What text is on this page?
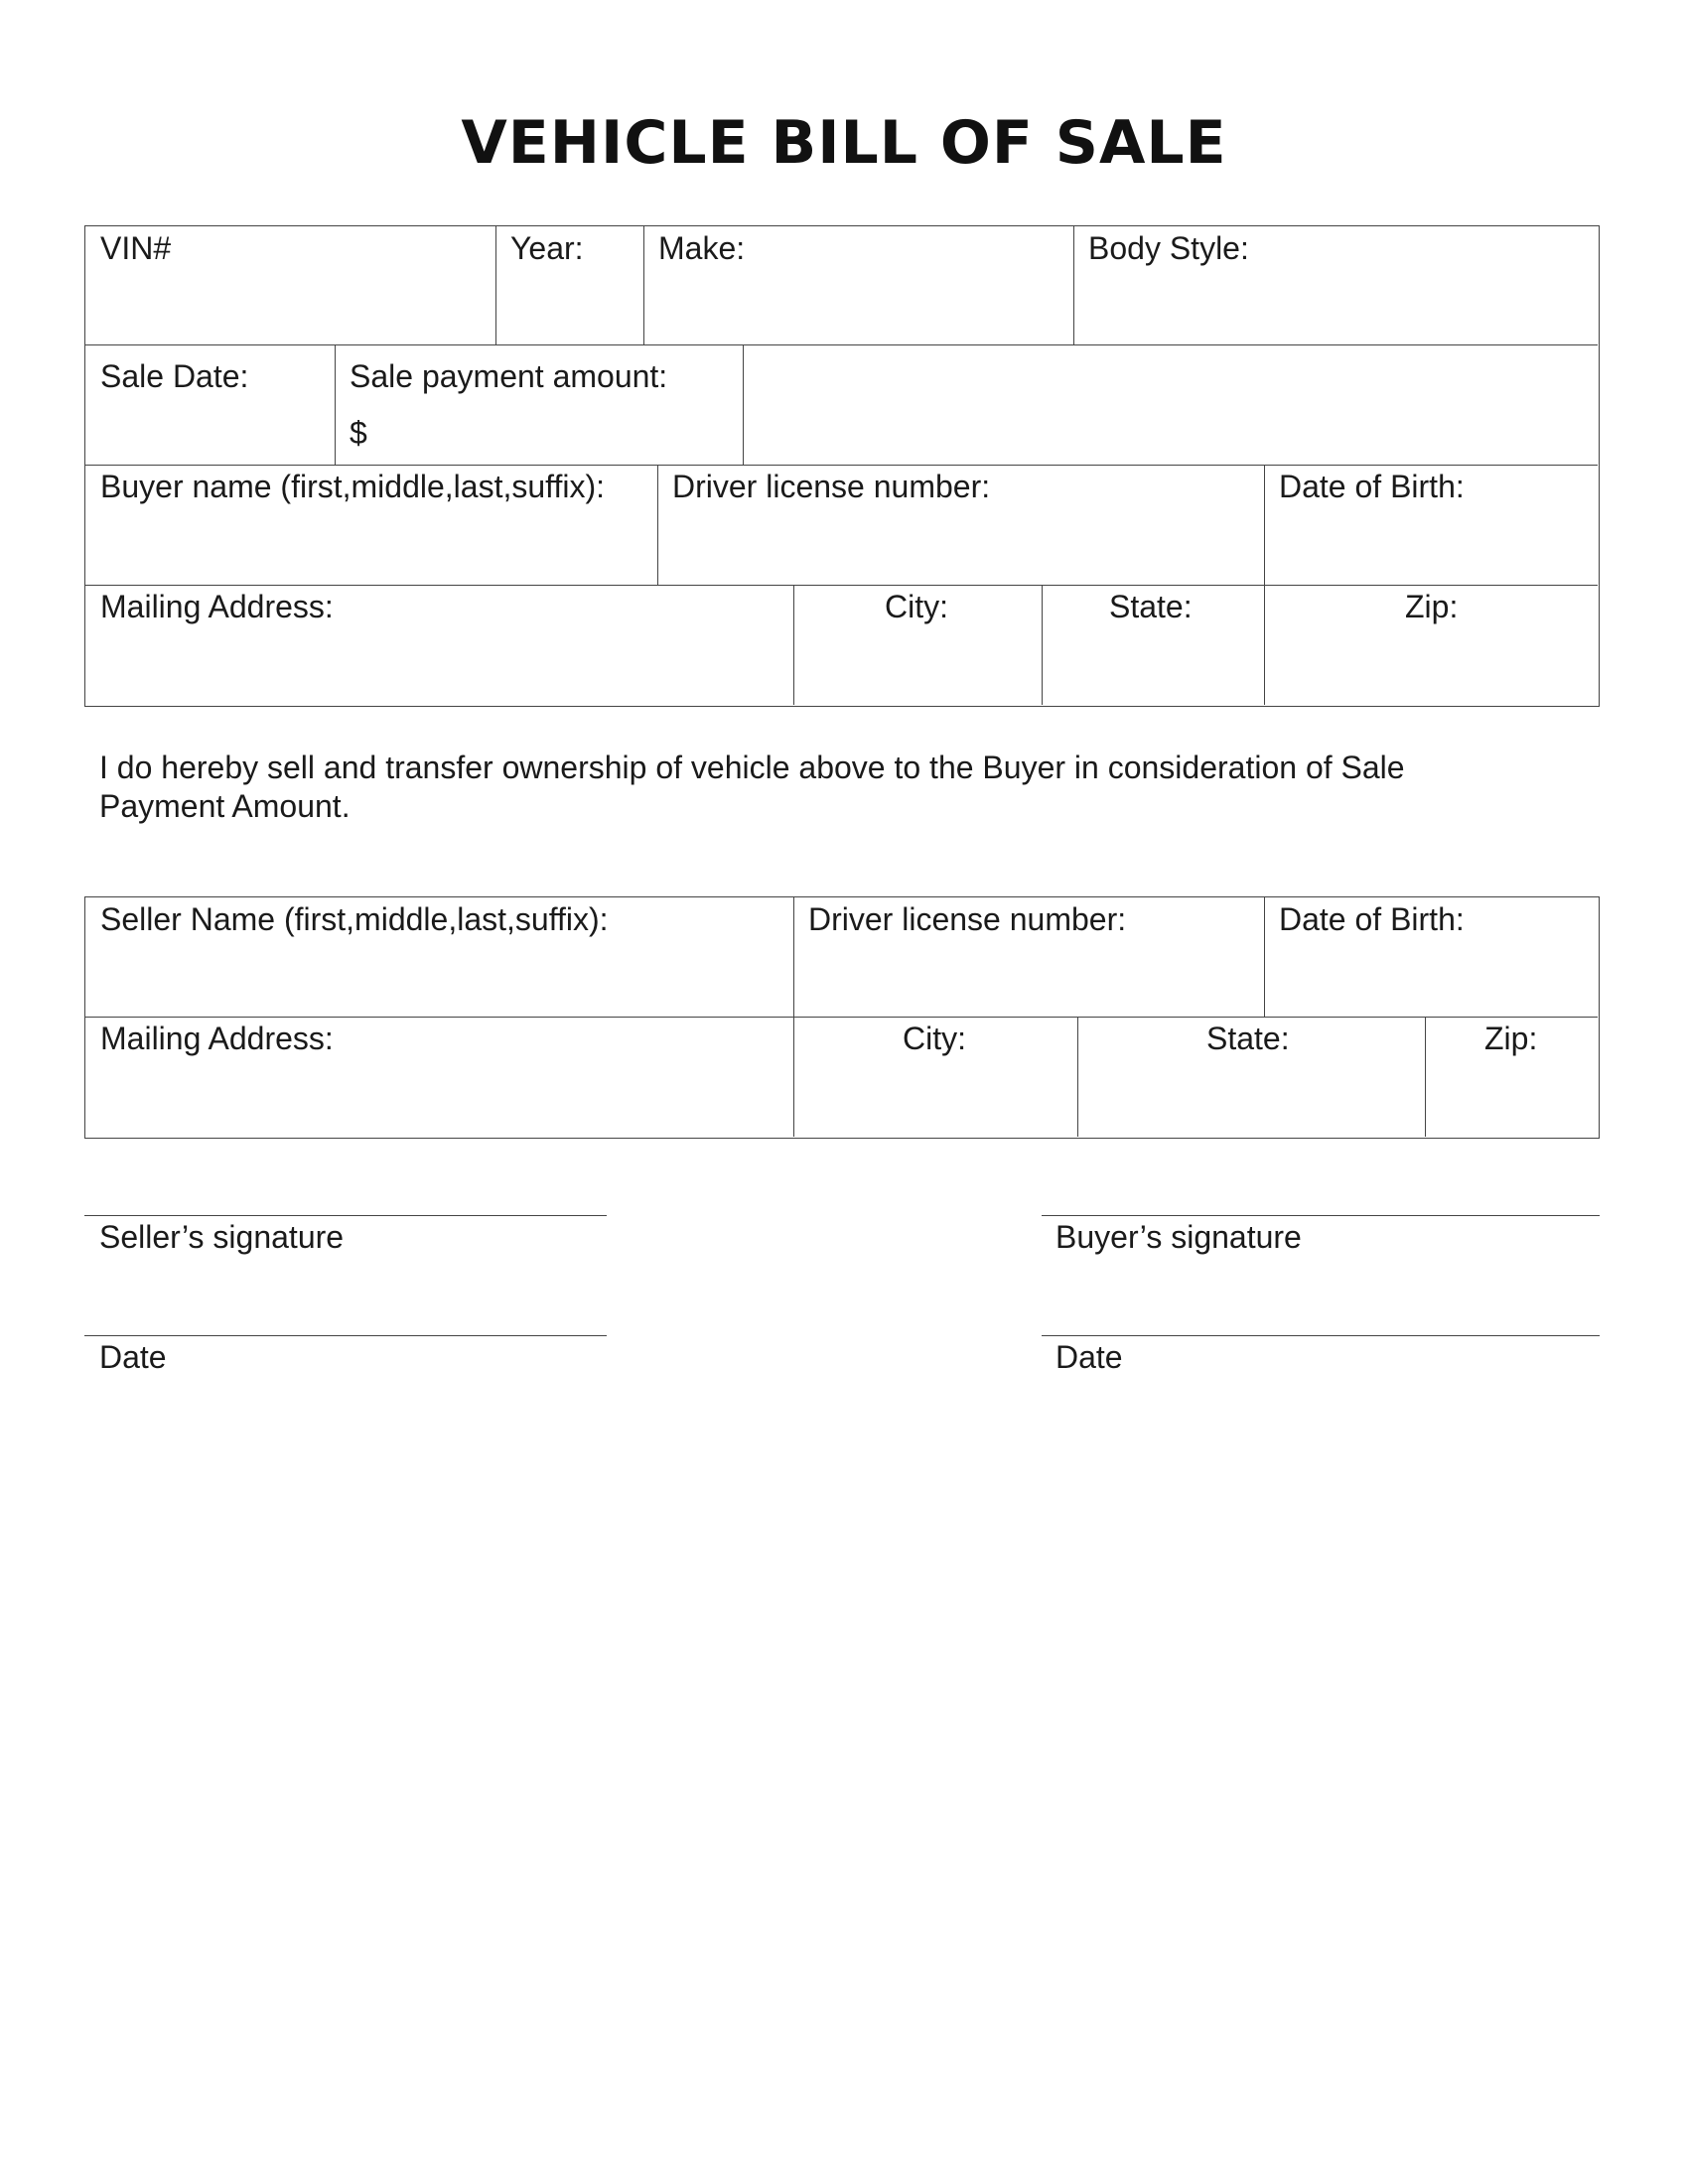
VEHICLE BILL OF SALE
VIN#	Year: Make:	Body Style:
Sale Date:	Sale payment amount:
$
Buyer name (first,middle,last,suffix): Driver license number:	Date of Birth:
Mailing Address:	City:	State:	Zip:
I do hereby sell and transfer ownership of vehicle above to the Buyer in consideration of Sale Payment Amount.
Seller Name (first,middle,last,suffix):	Driver license number:	Date of Birth:
Mailing Address:	City:	State:	Zip:
Seller’s signature	Buyer’s signature
Date	Date
